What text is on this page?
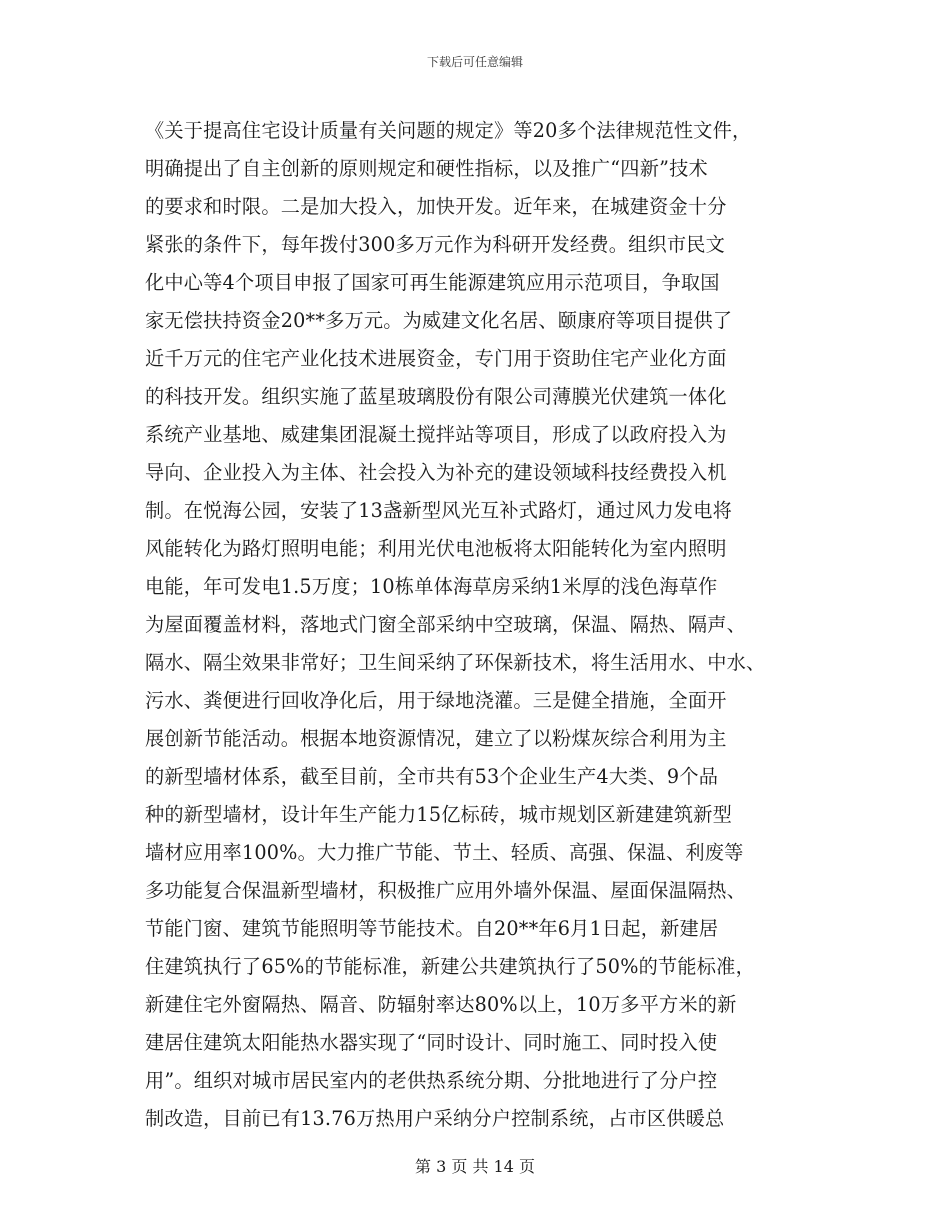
下载后可任意编辑
《关于提高住宅设计质量有关问题的规定》等20多个法律规范性文件，
明确提出了自主创新的原则规定和硬性指标，以及推广“四新”技术
的要求和时限。二是加大投入，加快开发。近年来，在城建资金十分
紧张的条件下，每年拨付300多万元作为科研开发经费。组织市民文
化中心等4个项目申报了国家可再生能源建筑应用示范项目，争取国
家无偿扶持资金20**多万元。为威建文化名居、颐康府等项目提供了
近千万元的住宅产业化技术进展资金，专门用于资助住宅产业化方面
的科技开发。组织实施了蓝星玻璃股份有限公司薄膜光伏建筑一体化
系统产业基地、威建集团混凝土搅拌站等项目，形成了以政府投入为
导向、企业投入为主体、社会投入为补充的建设领域科技经费投入机
制。在悦海公园，安装了13盏新型风光互补式路灯，通过风力发电将
风能转化为路灯照明电能；利用光伏电池板将太阳能转化为室内照明
电能，年可发电1.5万度；10栋单体海草房采纳1米厚的浅色海草作
为屋面覆盖材料，落地式门窗全部采纳中空玻璃，保温、隔热、隔声、
隔水、隔尘效果非常好；卫生间采纳了环保新技术，将生活用水、中水、
污水、粪便进行回收净化后，用于绿地浇灌。三是健全措施，全面开
展创新节能活动。根据本地资源情况，建立了以粉煤灰综合利用为主
的新型墙材体系，截至目前，全市共有53个企业生产4大类、9个品
种的新型墙材，设计年生产能力15亿标砖，城市规划区新建建筑新型
墙材应用率100%。大力推广节能、节土、轻质、高强、保温、利废等
多功能复合保温新型墙材，积极推广应用外墙外保温、屋面保温隔热、
节能门窗、建筑节能照明等节能技术。自20**年6月1日起，新建居
住建筑执行了65%的节能标准，新建公共建筑执行了50%的节能标准，
新建住宅外窗隔热、隔音、防辐射率达80%以上，10万多平方米的新
建居住建筑太阳能热水器实现了“同时设计、同时施工、同时投入使
用”。组织对城市居民室内的老供热系统分期、分批地进行了分户控
制改造，目前已有13.76万热用户采纳分户控制系统，占市区供暖总
第 3 页 共 14 页
